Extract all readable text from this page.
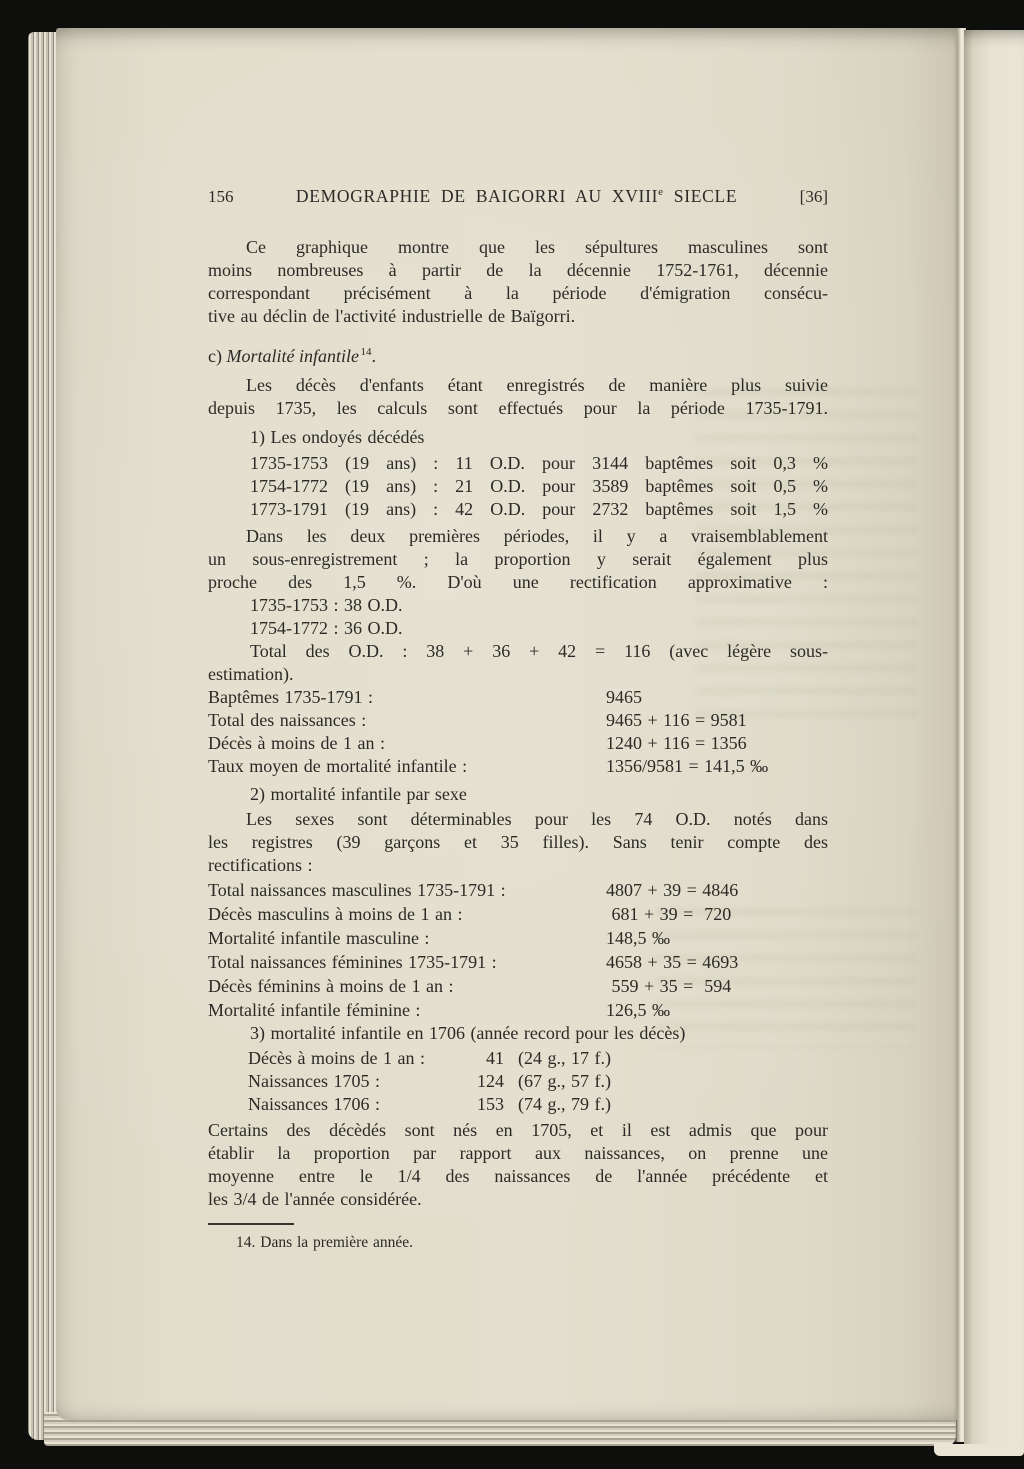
156	DEMOGRAPHIE DE BAIGORRI AU XVIIIe SIECLE	[36]
Ce graphique montre que les sépultures masculines sont
moins nombreuses à partir de la décennie 1752-1761, décennie
correspondant précisément à la période d'émigration consécu-
tive au déclin de l'activité industrielle de Baïgorri.
c) Mortalité infantile  $^{14}$.
Les décès d'enfants étant enregistrés de manière plus suivie
depuis 1735, les calculs sont effectués pour la période 1735-1791.
1) Les ondoyés décédés
1735-1753 (19 ans) : 11 O.D. pour 3144 baptêmes soit 0,3 %
1754-1772 (19 ans) : 21 O.D. pour 3589 baptêmes soit 0,5 %
1773-1791 (19 ans) : 42 O.D. pour 2732 baptêmes soit 1,5 %
Dans les deux premières périodes, il y a vraisemblablement
un sous-enregistrement ; la proportion y serait également plus
proche des 1,5 %. D'où une rectification approximative :
1735-1753 : 38 O.D.
1754-1772 : 36 O.D.
Total des O.D. : 38 + 36 + 42 = 116 (avec légère sous-
estimation).
Baptêmes 1735-1791 :	9465
Total des naissances :	9465 + 116 = 9581
Décès à moins de 1 an :	1240 + 116 = 1356
Taux moyen de mortalité infantile :	1356/9581 = 141,5 ‰
2) mortalité infantile par sexe
Les sexes sont déterminables pour les 74 O.D. notés dans
les registres (39 garçons et 35 filles). Sans tenir compte des
rectifications :
Total naissances masculines 1735-1791 :	4807 + 39 = 4846
Décès masculins à moins de 1 an :	681 + 39 =  720
Mortalité infantile masculine :	148,5 ‰
Total naissances féminines 1735-1791 :	4658 + 35 = 4693
Décès féminins à moins de 1 an :	559 + 35 =  594
Mortalité infantile féminine :	126,5 ‰
3) mortalité infantile en 1706 (année record pour les décès)
Décès à moins de 1 an :	41 (24 g., 17 f.)
Naissances 1705 :	124 (67 g., 57 f.)
Naissances 1706 :	153 (74 g., 79 f.)
Certains des décèdés sont nés en 1705, et il est admis que pour
établir la proportion par rapport aux naissances, on prenne une
moyenne entre le 1/4 des naissances de l'année précédente et
les 3/4 de l'année considérée.
14. Dans la première année.
